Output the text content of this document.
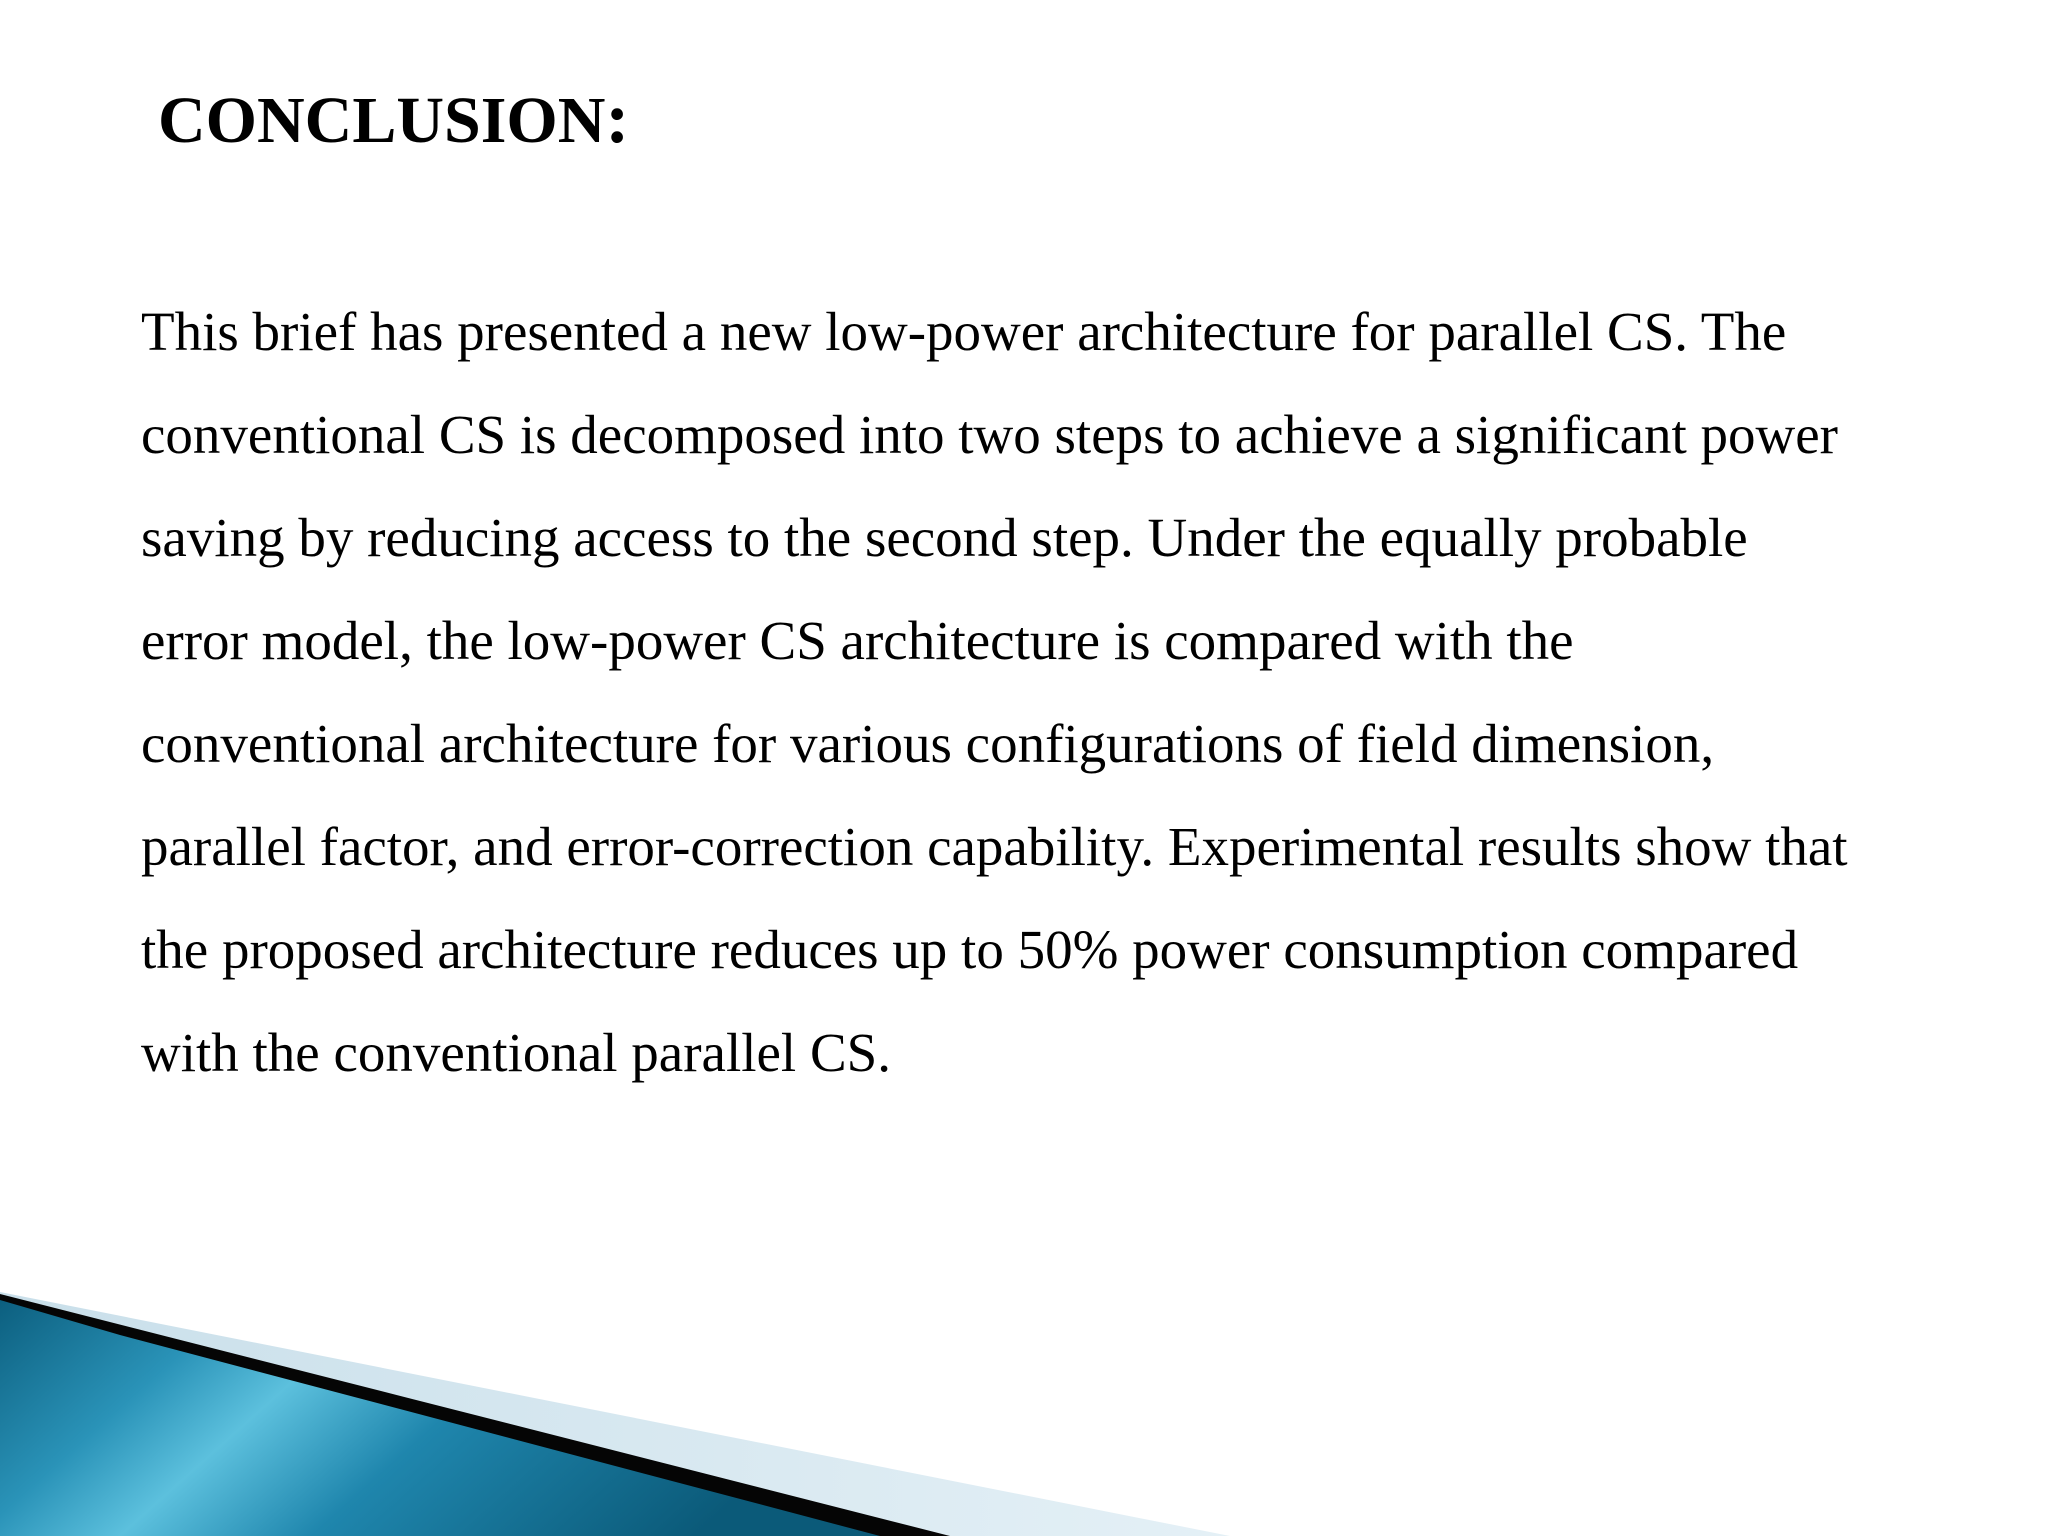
CONCLUSION:

This brief has presented a new low-power architecture for parallel CS. The
conventional CS is decomposed into two steps to achieve a significant power
saving by reducing access to the second step. Under the equally probable
error model, the low-power CS architecture is compared with the
conventional architecture for various configurations of field dimension,
parallel factor, and error-correction capability. Experimental results show that
the proposed architecture reduces up to 50% power consumption compared
with the conventional parallel CS.
